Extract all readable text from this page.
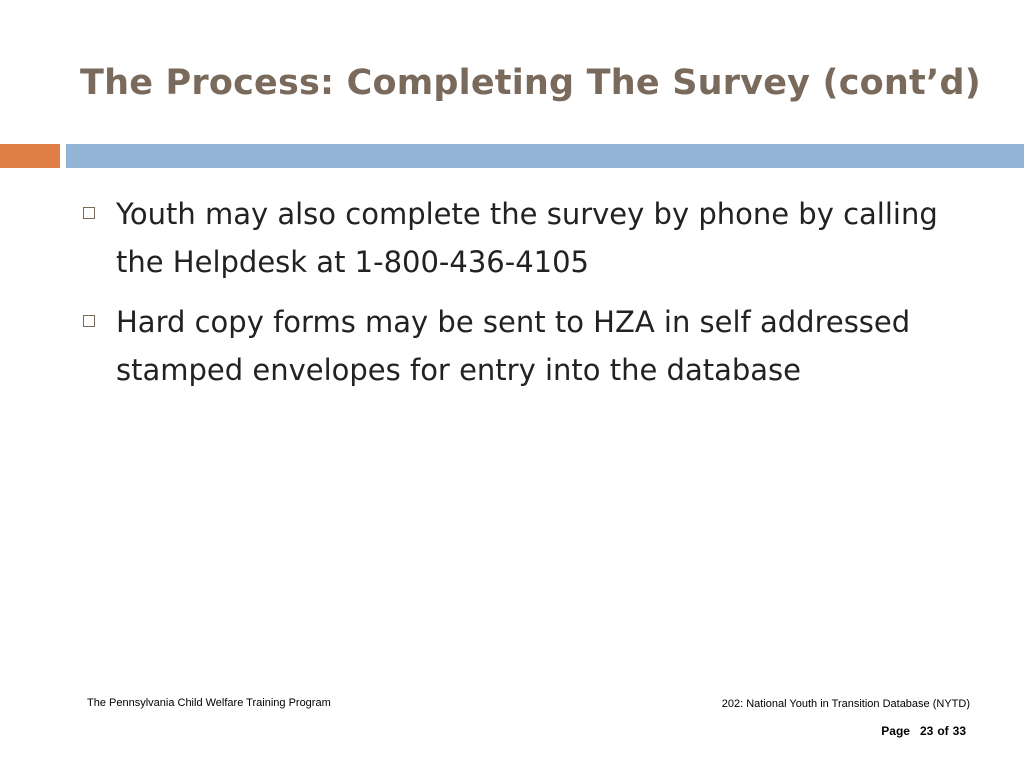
The Process: Completing The Survey (cont’d)
Youth may also complete the survey by phone by calling the Helpdesk at 1-800-436-4105
Hard copy forms may be sent to HZA in self addressed stamped envelopes for entry into the database
The Pennsylvania Child Welfare Training Program	202: National Youth in Transition Database (NYTD)
Page 23 of 33
